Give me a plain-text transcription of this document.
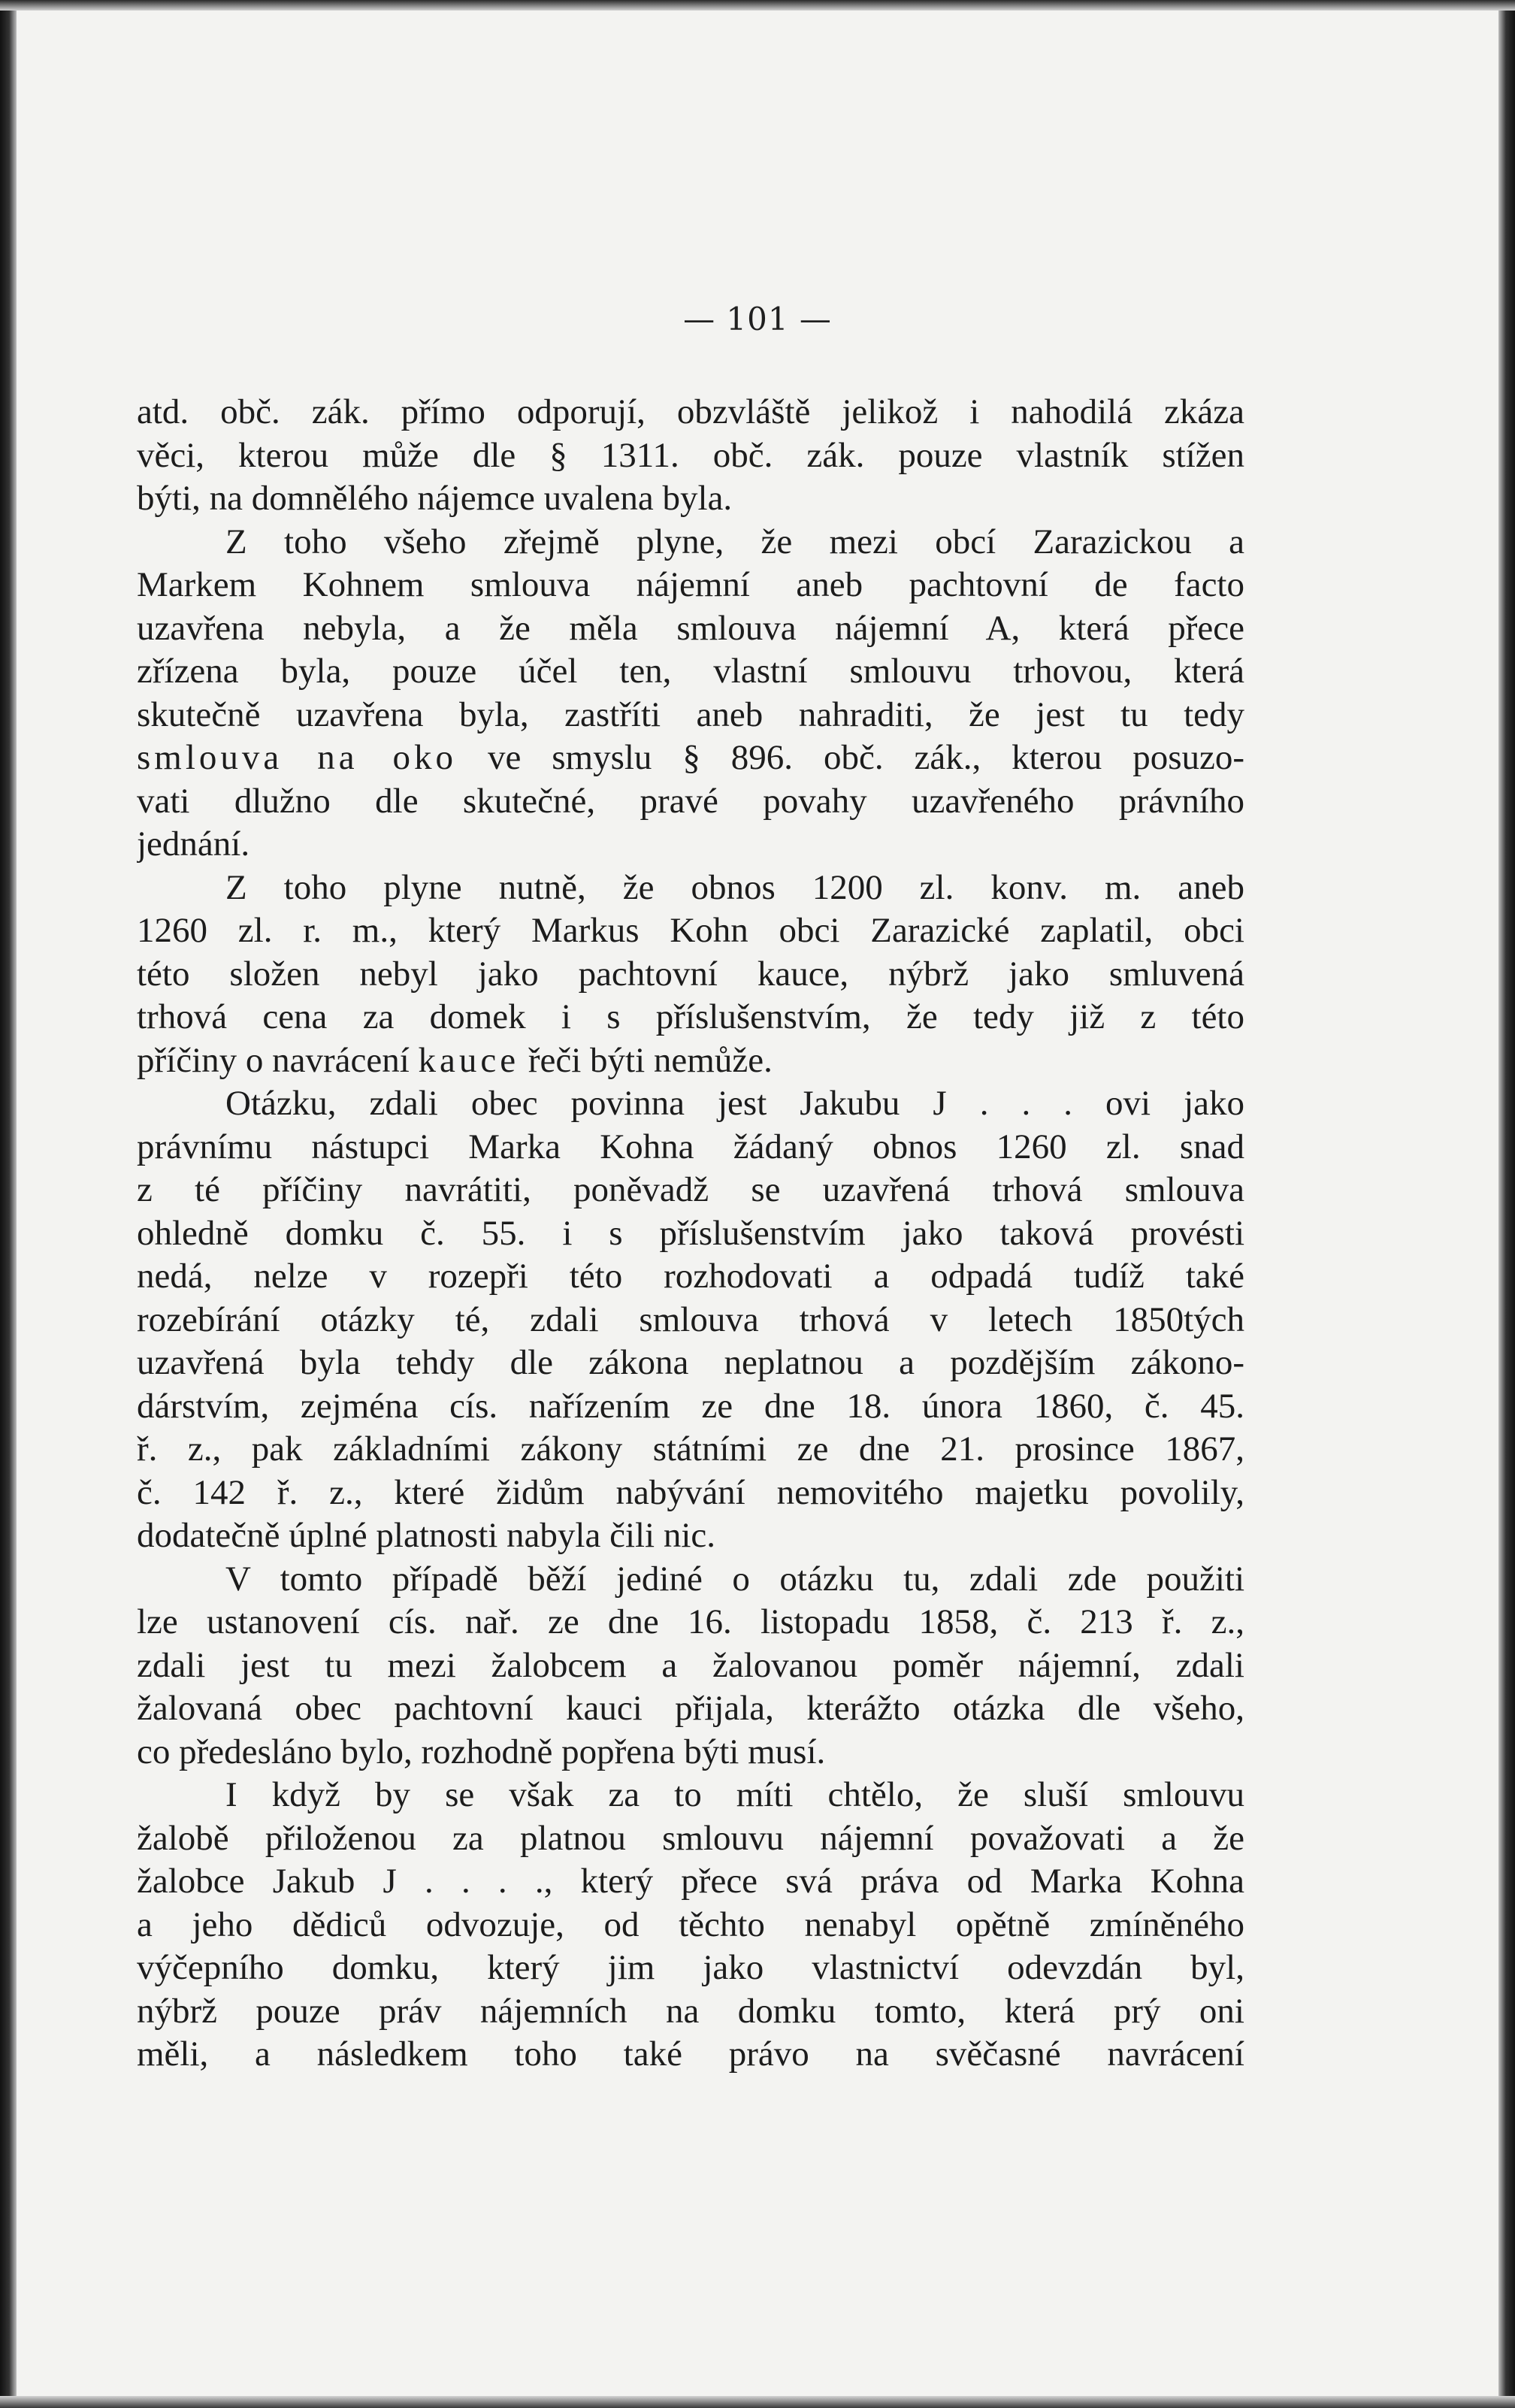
— 101 —
atd. obč. zák. přímo odporují, obzvláště jelikož i nahodilá zkáza
věci, kterou může dle § 1311. obč. zák. pouze vlastník stížen
býti, na domnělého nájemce uvalena byla.
Z toho všeho zřejmě plyne, že mezi obcí Zarazickou a
Markem Kohnem smlouva nájemní aneb pachtovní de facto
uzavřena nebyla, a že měla smlouva nájemní A, která přece
zřízena byla, pouze účel ten, vlastní smlouvu trhovou, která
skutečně uzavřena byla, zastříti aneb nahraditi, že jest tu tedy
smlouva na oko ve smyslu § 896. obč. zák., kterou posuzo-
vati dlužno dle skutečné, pravé povahy uzavřeného právního
jednání.
Z toho plyne nutně, že obnos 1200 zl. konv. m. aneb
1260 zl. r. m., který Markus Kohn obci Zarazické zaplatil, obci
této složen nebyl jako pachtovní kauce, nýbrž jako smluvená
trhová cena za domek i s příslušenstvím, že tedy již z této
příčiny o navrácení kauce řeči býti nemůže.
Otázku, zdali obec povinna jest Jakubu J . . . ovi jako
právnímu nástupci Marka Kohna žádaný obnos 1260 zl. snad
z té příčiny navrátiti, poněvadž se uzavřená trhová smlouva
ohledně domku č. 55. i s příslušenstvím jako taková provésti
nedá, nelze v rozepři této rozhodovati a odpadá tudíž také
rozebírání otázky té, zdali smlouva trhová v letech 1850tých
uzavřená byla tehdy dle zákona neplatnou a pozdějším zákono-
dárstvím, zejména cís. nařízením ze dne 18. února 1860, č. 45.
ř. z., pak základními zákony státními ze dne 21. prosince 1867,
č. 142 ř. z., které židům nabývání nemovitého majetku povolily,
dodatečně úplné platnosti nabyla čili nic.
V tomto případě běží jediné o otázku tu, zdali zde použiti
lze ustanovení cís. nař. ze dne 16. listopadu 1858, č. 213 ř. z.,
zdali jest tu mezi žalobcem a žalovanou poměr nájemní, zdali
žalovaná obec pachtovní kauci přijala, kterážto otázka dle všeho,
co předesláno bylo, rozhodně popřena býti musí.
I když by se však za to míti chtělo, že sluší smlouvu
žalobě přiloženou za platnou smlouvu nájemní považovati a že
žalobce Jakub J . . . ., který přece svá práva od Marka Kohna
a jeho dědiců odvozuje, od těchto nenabyl opětně zmíněného
výčepního domku, který jim jako vlastnictví odevzdán byl,
nýbrž pouze práv nájemních na domku tomto, která prý oni
měli, a následkem toho také právo na svěčasné navrácení
